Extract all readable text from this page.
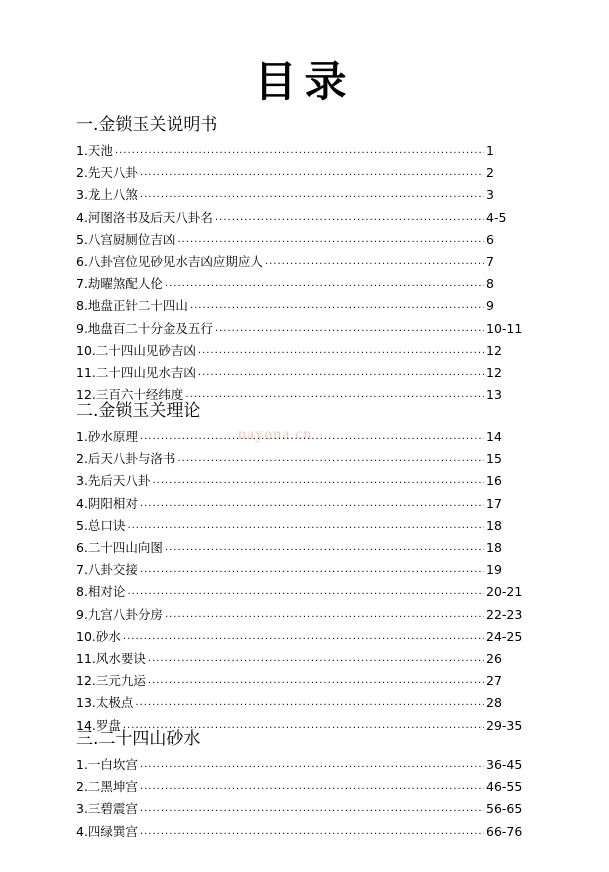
目录
nayona.cn
一.金锁玉关说明书
1.天池 .....	1
2.先天八卦 .....	2
3.龙上八煞 .....	3
4.河图洛书及后天八卦名 .....	4-5
5.八宫厨厕位吉凶 .....	6
6.八卦宫位见砂见水吉凶应期应人 .....	7
7.劫曜煞配人伦 .....	8
8.地盘正针二十四山 .....	9
9.地盘百二十分金及五行 .....	10-11
10.二十四山见砂吉凶 .....	12
11.二十四山见水吉凶 .....	12
12.三百六十经纬度 .....	13
二.金锁玉关理论
1.砂水原理 .....	14
2.后天八卦与洛书 .....	15
3.先后天八卦 .....	16
4.阴阳相对 .....	17
5.总口诀 .....	18
6.二十四山向图 .....	18
7.八卦交接 .....	19
8.相对论 .....	20-21
9.九宫八卦分房 .....	22-23
10.砂水 .....	24-25
11.风水要诀 .....	26
12.三元九运 .....	27
13.太极点 .....	28
14.罗盘 .....	29-35
三.二十四山砂水
1.一白坎宫 .....	36-45
2.二黑坤宫 .....	46-55
3.三碧震宫 .....	56-65
4.四绿巽宫 .....	66-76
